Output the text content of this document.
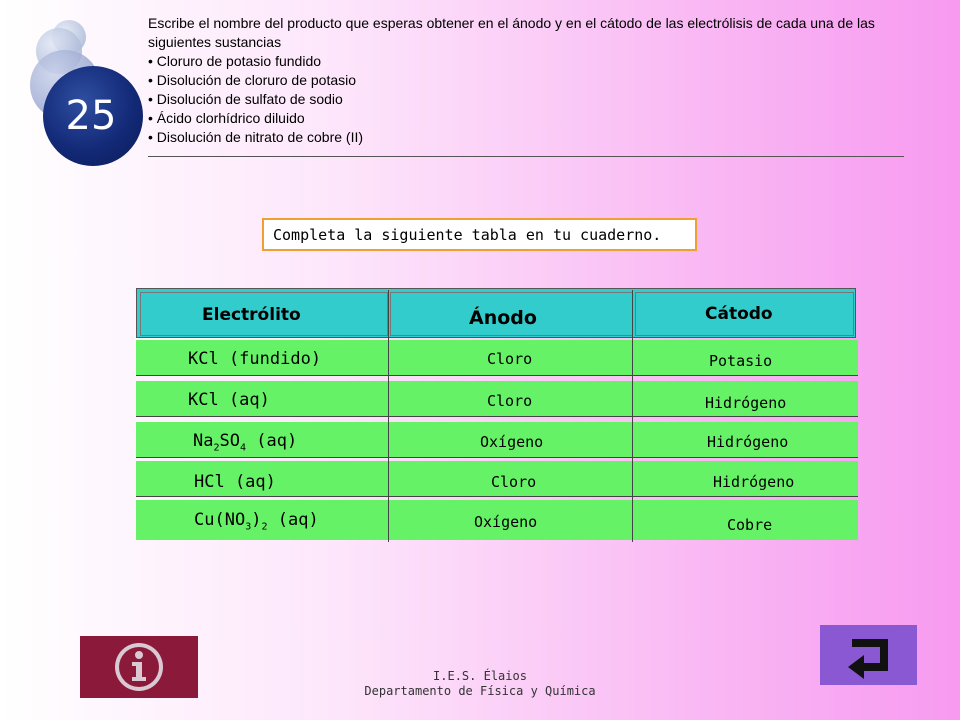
25
Escribe el nombre del producto que esperas obtener en el ánodo y en el cátodo de las electrólisis de cada una de las siguientes sustancias
• Cloruro de potasio fundido
• Disolución de cloruro de potasio
• Disolución de sulfato de sodio
• Ácido clorhídrico diluido
• Disolución de nitrato de cobre (II)
Completa la siguiente tabla en tu cuaderno.
Electrólito	Ánodo	Cátodo
KCl (fundido)	Cloro	Potasio
KCl (aq)	Cloro	Hidrógeno
$Na_2SO_4$ (aq)	Oxígeno	Hidrógeno
HCl (aq)	Cloro	Hidrógeno
$Cu(NO_3)_2$ (aq)	Oxígeno	Cobre
I.E.S. Élaios
Departamento de Física y Química
